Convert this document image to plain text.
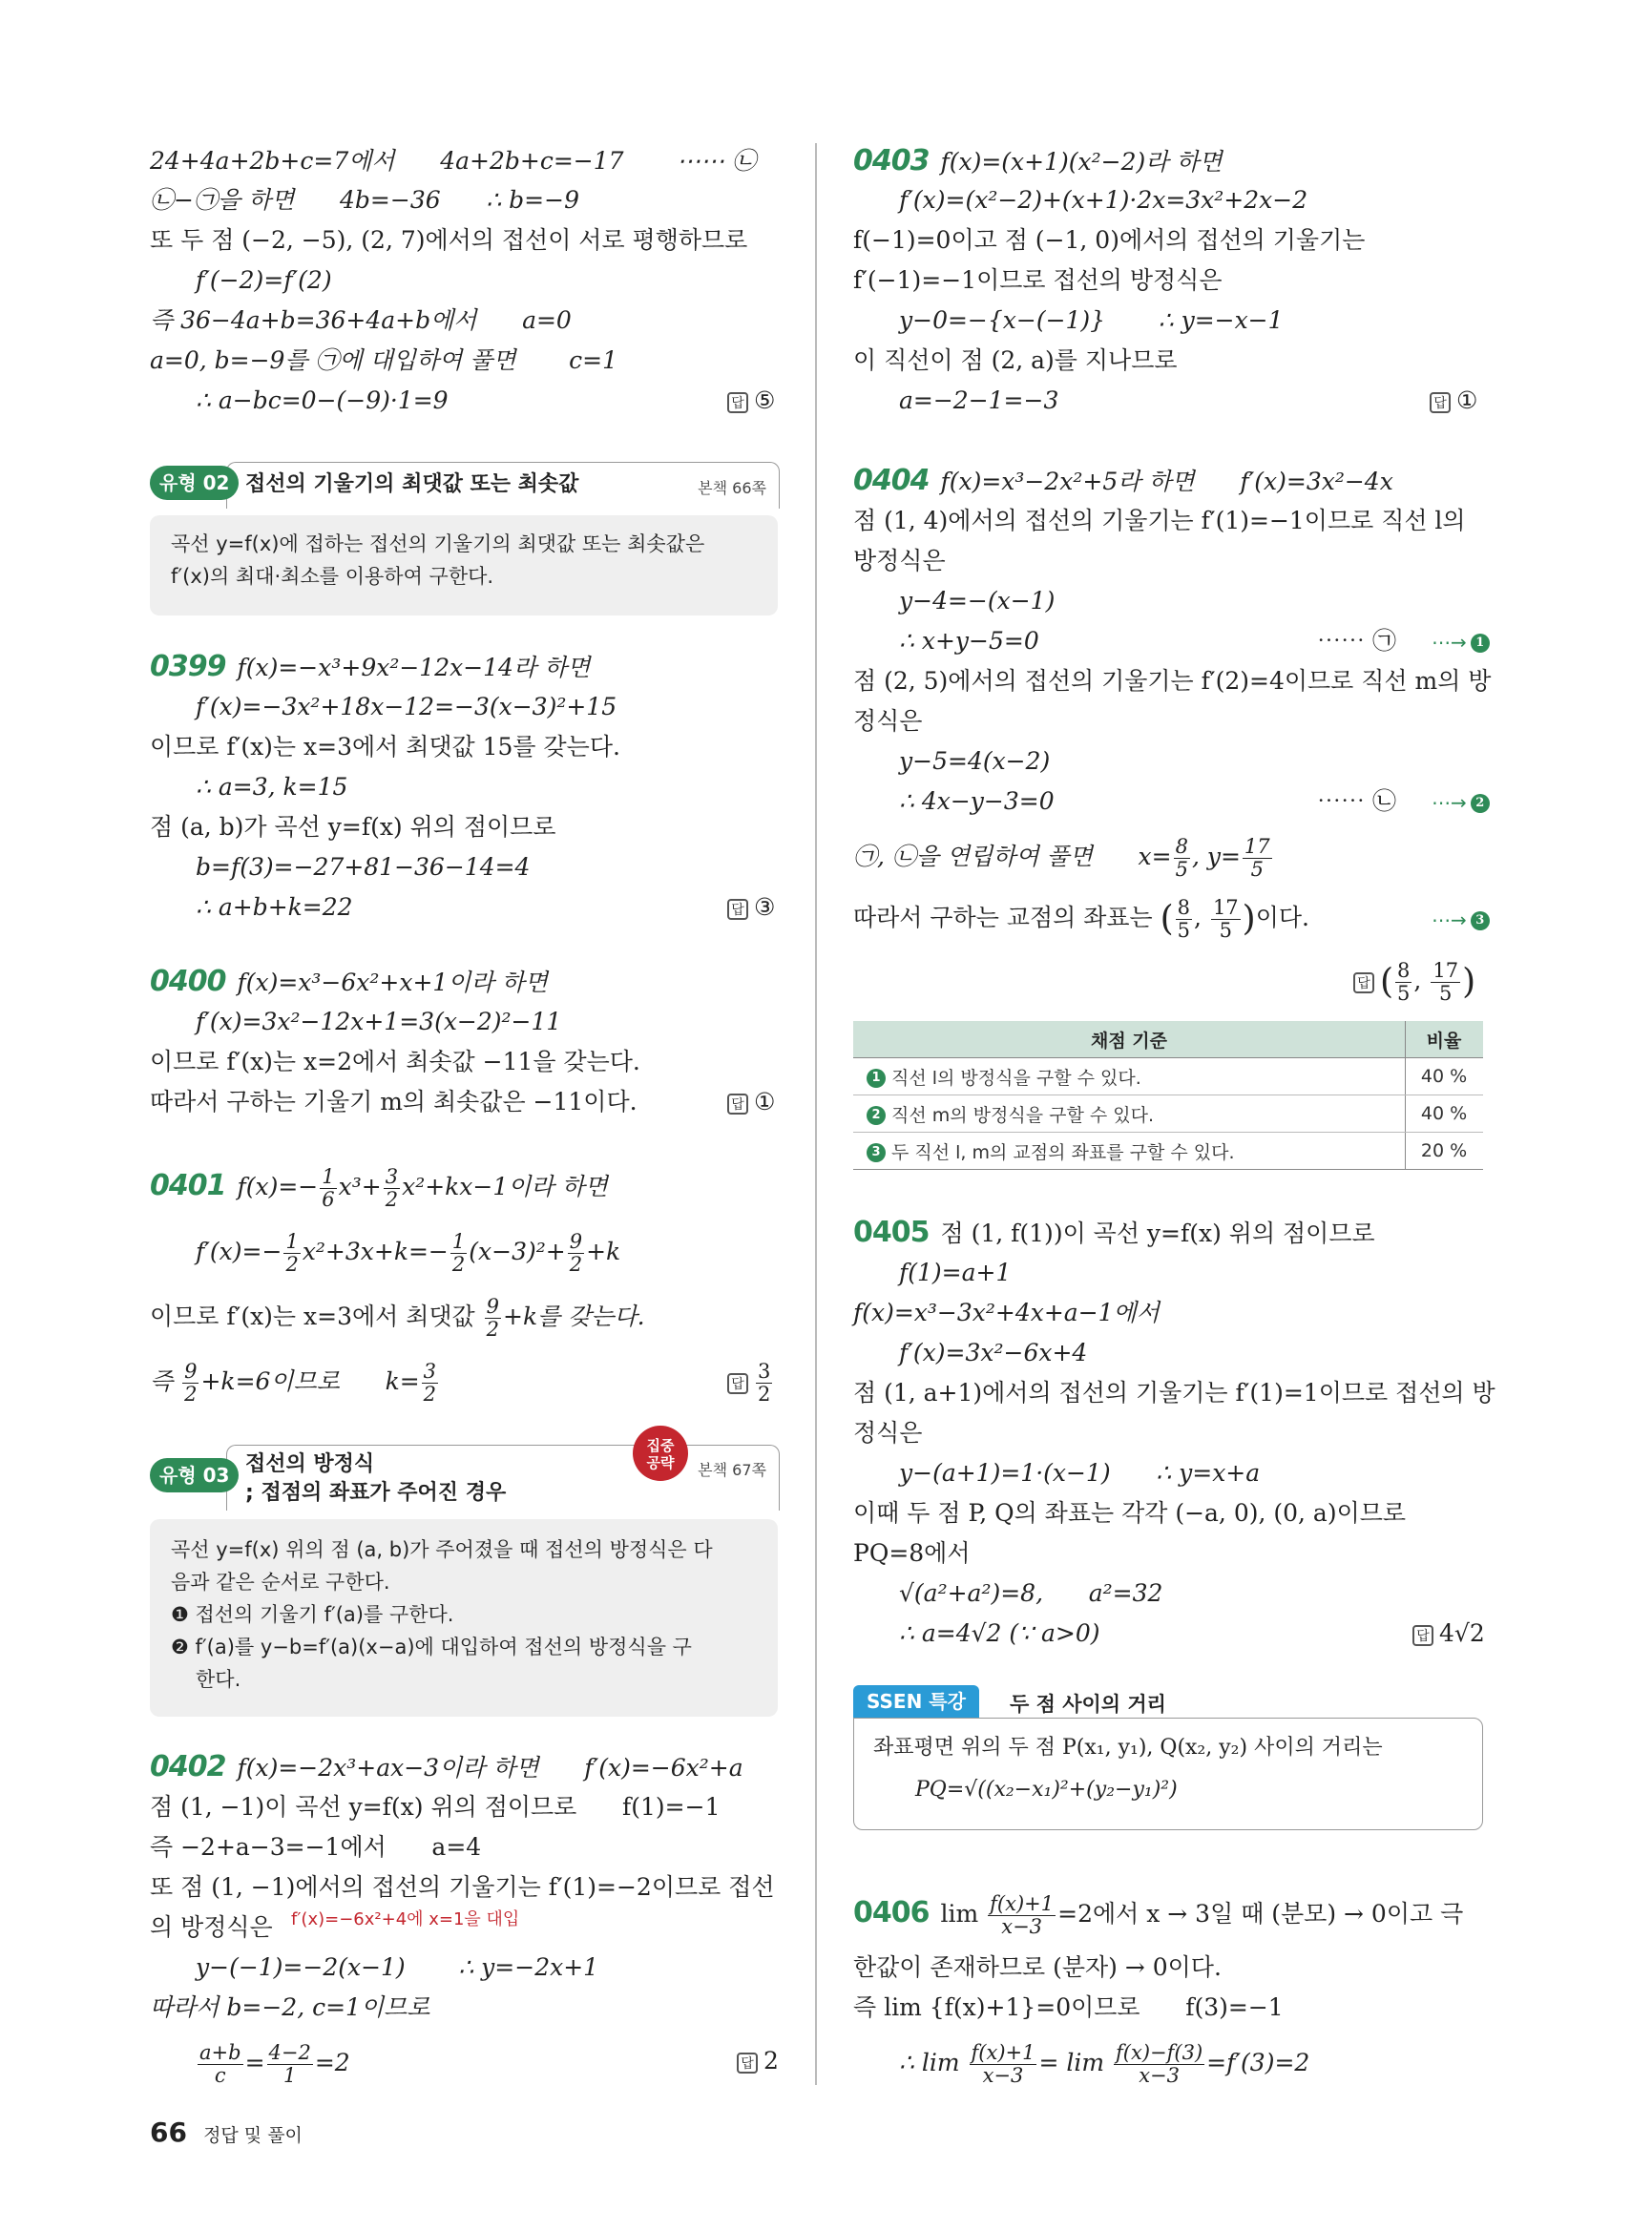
24+4a+2b+c=7에서      4a+2b+c=−17       ⋯⋯ ㉡
㉡−㉠을 하면      4b=−36      ∴ b=−9
또 두 점 (−2, −5), (2, 7)에서의 접선이 서로 평행하므로
f′(−2)=f′(2)
즉 36−4a+b=36+4a+b에서      a=0
a=0, b=−9를 ㉠에 대입하여 풀면       c=1
∴ a−bc=0−(−9)·1=9	답 ⑤
유형 02 접선의 기울기의 최댓값 또는 최솟값	본책 66쪽
곡선 y=f(x)에 접하는 접선의 기울기의 최댓값 또는 최솟값은
f′(x)의 최대·최소를 이용하여 구한다.
0399 f(x)=−x³+9x²−12x−14라 하면
f′(x)=−3x²+18x−12=−3(x−3)²+15
이므로 f′(x)는 x=3에서 최댓값 15를 갖는다.
∴ a=3, k=15
점 (a, b)가 곡선 y=f(x) 위의 점이므로
b=f(3)=−27+81−36−14=4
∴ a+b+k=22	답 ③
0400 f(x)=x³−6x²+x+1이라 하면
f′(x)=3x²−12x+1=3(x−2)²−11
이므로 f′(x)는 x=2에서 최솟값 −11을 갖는다.
따라서 구하는 기울기 m의 최솟값은 −11이다.	답 ①
0401 $f(x)=- \frac{1}{6} x^3+ \frac{3}{2} x^2+kx-1$이라 하면
$f'(x)=- \frac{1}{2} x^2+3x+k=- \frac{1}{2} (x-3)^2+ \frac{9}{2} +k$
이므로 f′(x)는 x=3에서 최댓값 $\frac{9}{2} +k$를 갖는다.
즉 $\frac{9}{2} +k=6$이므로      $k= \frac{3}{2}$	답 $\frac{3}{2}$
유형 03 접선의 방정식
; 접점의 좌표가 주어진 경우
집중
공략	본책 67쪽
곡선 y=f(x) 위의 점 (a, b)가 주어졌을 때 접선의 방정식은 다
음과 같은 순서로 구한다.
❶ 접선의 기울기 f′(a)를 구한다.
❷ f′(a)를 y−b=f′(a)(x−a)에 대입하여 접선의 방정식을 구
한다.
0402 f(x)=−2x³+ax−3이라 하면      f′(x)=−6x²+a
점 (1, −1)이 곡선 y=f(x) 위의 점이므로      f(1)=−1
즉 −2+a−3=−1에서      a=4
또 점 (1, −1)에서의 접선의 기울기는 f′(1)=−2이므로 접선
의 방정식은 f′(x)=−6x²+4에 x=1을 대입
y−(−1)=−2(x−1)       ∴ y=−2x+1
따라서 b=−2, c=1이므로
$\frac{a+b}{c} = \frac{4-2}{1} =2$	답 2
0403 f(x)=(x+1)(x²−2)라 하면
f′(x)=(x²−2)+(x+1)·2x=3x²+2x−2
f(−1)=0이고 점 (−1, 0)에서의 접선의 기울기는
f′(−1)=−1이므로 접선의 방정식은
y−0=−{x−(−1)}       ∴ y=−x−1
이 직선이 점 (2, a)를 지나므로
a=−2−1=−3	답 ①
0404 f(x)=x³−2x²+5라 하면      f′(x)=3x²−4x
점 (1, 4)에서의 접선의 기울기는 f′(1)=−1이므로 직선 l의
방정식은
y−4=−(x−1)
∴ x+y−5=0	⋯⋯ ㉠ ⋯→ 1
점 (2, 5)에서의 접선의 기울기는 f′(2)=4이므로 직선 m의 방
정식은
y−5=4(x−2)
∴ 4x−y−3=0	⋯⋯ ㉡ ⋯→ 2
㉠, ㉡을 연립하여 풀면      $x= \frac{8}{5}$ , $y= \frac{17}{5}$
따라서 구하는 교점의 좌표는 ( $\frac{8}{5}$ , $\frac{17}{5}$ )이다.	⋯→ 3
답 ( $\frac{8}{5}$ , $\frac{17}{5}$ )
채점 기준	비율
1 직선 l의 방정식을 구할 수 있다.	40 %
2 직선 m의 방정식을 구할 수 있다.	40 %
3 두 직선 l, m의 교점의 좌표를 구할 수 있다.	20 %
0405 점 (1, f(1))이 곡선 y=f(x) 위의 점이므로
f(1)=a+1
f(x)=x³−3x²+4x+a−1에서
f′(x)=3x²−6x+4
점 (1, a+1)에서의 접선의 기울기는 f′(1)=1이므로 접선의 방
정식은
y−(a+1)=1·(x−1)      ∴ y=x+a
이때 두 점 P, Q의 좌표는 각각 (−a, 0), (0, a)이므로
PQ=8에서
√(a²+a²)=8,      a²=32
∴ a=4√2 (∵ a>0)	답 4√2
SSEN 특강	두 점 사이의 거리
좌표평면 위의 두 점 P(x₁, y₁), Q(x₂, y₂) 사이의 거리는
PQ=√((x₂−x₁)²+(y₂−y₁)²)
0406 $\lim \frac{f(x)+1}{x-3} =2$에서 x → 3일 때 (분모) → 0이고 극
한값이 존재하므로 (분자) → 0이다.
즉 lim {f(x)+1}=0이므로      f(3)=−1
∴ $\lim \frac{f(x)+1}{x-3} = \lim \frac{f(x)-f(3)}{x-3} =f'(3)=2$
66 정답 및 풀이
